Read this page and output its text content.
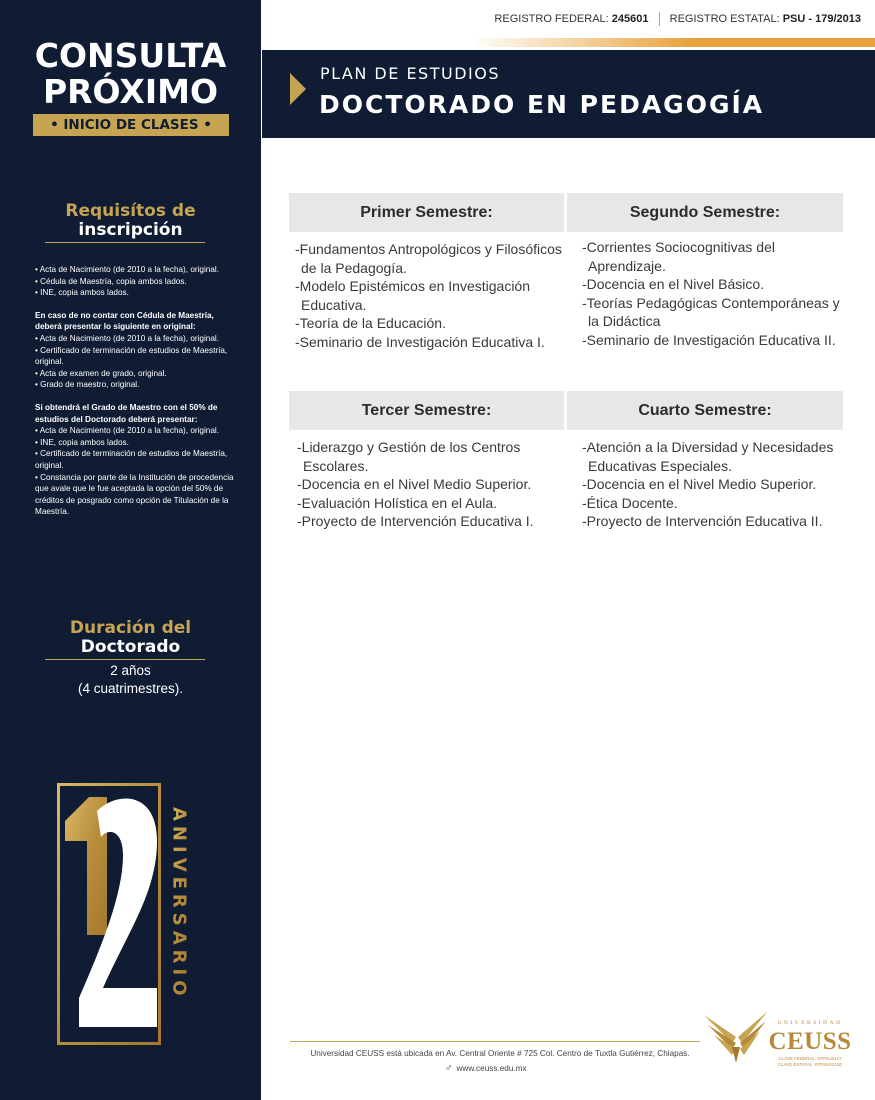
CONSULTA
PRÓXIMO
• INICIO DE CLASES •
Requisítos de
inscripción
• Acta de Nacimiento (de 2010 a la fecha), original.
• Cédula de Maestría, copia ambos lados.
• INE, copia ambos lados.
En caso de no contar con Cédula de Maestría, deberá presentar lo siguiente en original:
• Acta de Nacimiento (de 2010 a la fecha), original.
• Certificado de terminación de estudios de Maestría, original.
• Acta de examen de grado, original.
• Grado de maestro, original.
Si obtendrá el Grado de Maestro con el 50% de estudios del Doctorado deberá presentar:
• Acta de Nacimiento (de 2010 a la fecha), original.
• INE, copia ambos lados.
• Certificado de terminación de estudios de Maestría, original.
• Constancia por parte de la Institución de procedencia que avale que le fue aceptada la opción del 50% de créditos de posgrado como opción de Titulación de la Maestría.
Duración del
Doctorado
2 años
(4 cuatrimestres).
ANIVERSARIO
REGISTRO FEDERAL: 245601 REGISTRO ESTATAL: PSU - 179/2013
PLAN DE ESTUDIOS
DOCTORADO EN PEDAGOGÍA
Primer Semestre:
-Fundamentos Antropológicos y Filosóficos de la Pedagogía.
-Modelo Epistémicos en Investigación Educativa.
-Teoría de la Educación.
-Seminario de Investigación Educativa I.
Segundo Semestre:
-Corrientes Sociocognitivas del Aprendizaje.
-Docencia en el Nivel Básico.
-Teorías Pedagógicas Contemporáneas y la Didáctica
-Seminario de Investigación Educativa II.
Tercer Semestre:
-Liderazgo y Gestión de los Centros Escolares.
-Docencia en el Nivel Medio Superior.
-Evaluación Holística en el Aula.
-Proyecto de Intervención Educativa I.
Cuarto Semestre:
-Atención a la Diversidad y Necesidades Educativas Especiales.
-Docencia en el Nivel Medio Superior.
-Ética Docente.
-Proyecto de Intervención Educativa II.
Universidad CEUSS está ubicada en Av. Central Oriente # 725 Col. Centro de Tuxtla Gutiérrez, Chiapas.
♂ www.ceuss.edu.mx
UNIVERSIDAD
CEUSS
CLAVE FEDERAL: 07PSU0127
CLAVE ESTATAL: 07PSU0121E
